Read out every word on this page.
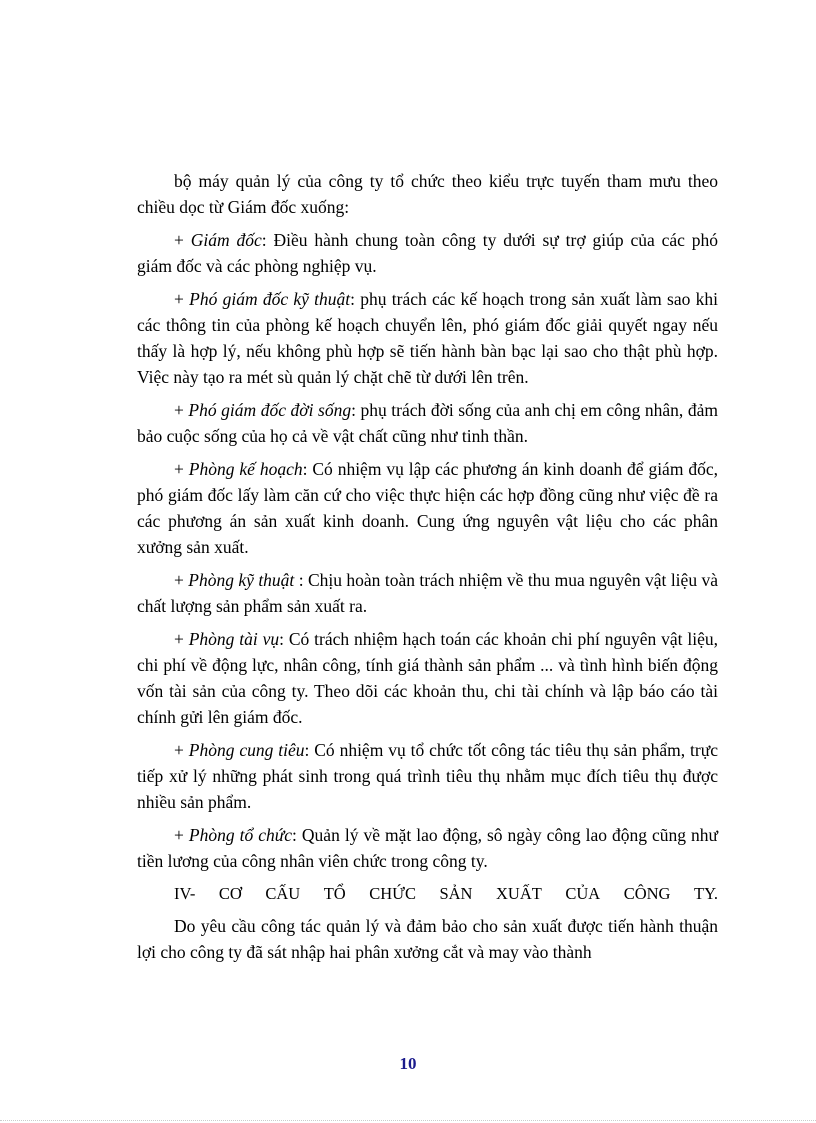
bộ máy quản lý của công ty tổ chức theo kiểu trực tuyến tham mưu theo chiều dọc từ Giám đốc xuống:

+ Giám đốc: Điều hành chung toàn công ty dưới sự trợ giúp của các phó giám đốc và các phòng nghiệp vụ.

+ Phó giám đốc kỹ thuật: phụ trách các kế hoạch trong sản xuất làm sao khi các thông tin của phòng kế hoạch chuyển lên, phó giám đốc giải quyết ngay nếu thấy là hợp lý, nếu không phù hợp sẽ tiến hành bàn bạc lại sao cho thật phù hợp. Việc này tạo ra mét sù quản lý chặt chẽ từ dưới lên trên.

+ Phó giám đốc đời sống: phụ trách đời sống của anh chị em công nhân, đảm bảo cuộc sống của họ cả về vật chất cũng như tinh thần.

+ Phòng kế hoạch: Có nhiệm vụ lập các phương án kinh doanh để giám đốc, phó giám đốc lấy làm căn cứ cho việc thực hiện các hợp đồng cũng như việc đề ra các phương án sản xuất kinh doanh. Cung ứng nguyên vật liệu cho các phân xưởng sản xuất.

+ Phòng kỹ thuật : Chịu hoàn toàn trách nhiệm về thu mua nguyên vật liệu và chất lượng sản phẩm sản xuất ra.

+ Phòng tài vụ: Có trách nhiệm hạch toán các khoản chi phí nguyên vật liệu, chi phí về động lực, nhân công, tính giá thành sản phẩm ... và tình hình biến động vốn tài sản của công ty. Theo dõi các khoản thu, chi tài chính và lập báo cáo tài chính gửi lên giám đốc.

+ Phòng cung tiêu: Có nhiệm vụ tổ chức tốt công tác tiêu thụ sản phẩm, trực tiếp xử lý những phát sinh trong quá trình tiêu thụ nhằm mục đích tiêu thụ được nhiều sản phẩm.

+ Phòng tổ chức: Quản lý về mặt lao động, sô ngày công lao động cũng như tiền lương của công nhân viên chức trong công ty.

IV- CƠ CẤU TỔ CHỨC SẢN XUẤT CỦA CÔNG TY.

Do yêu cầu công tác quản lý và đảm bảo cho sản xuất được tiến hành thuận lợi cho công ty đã sát nhập hai phân xưởng cắt và may vào thành

10
